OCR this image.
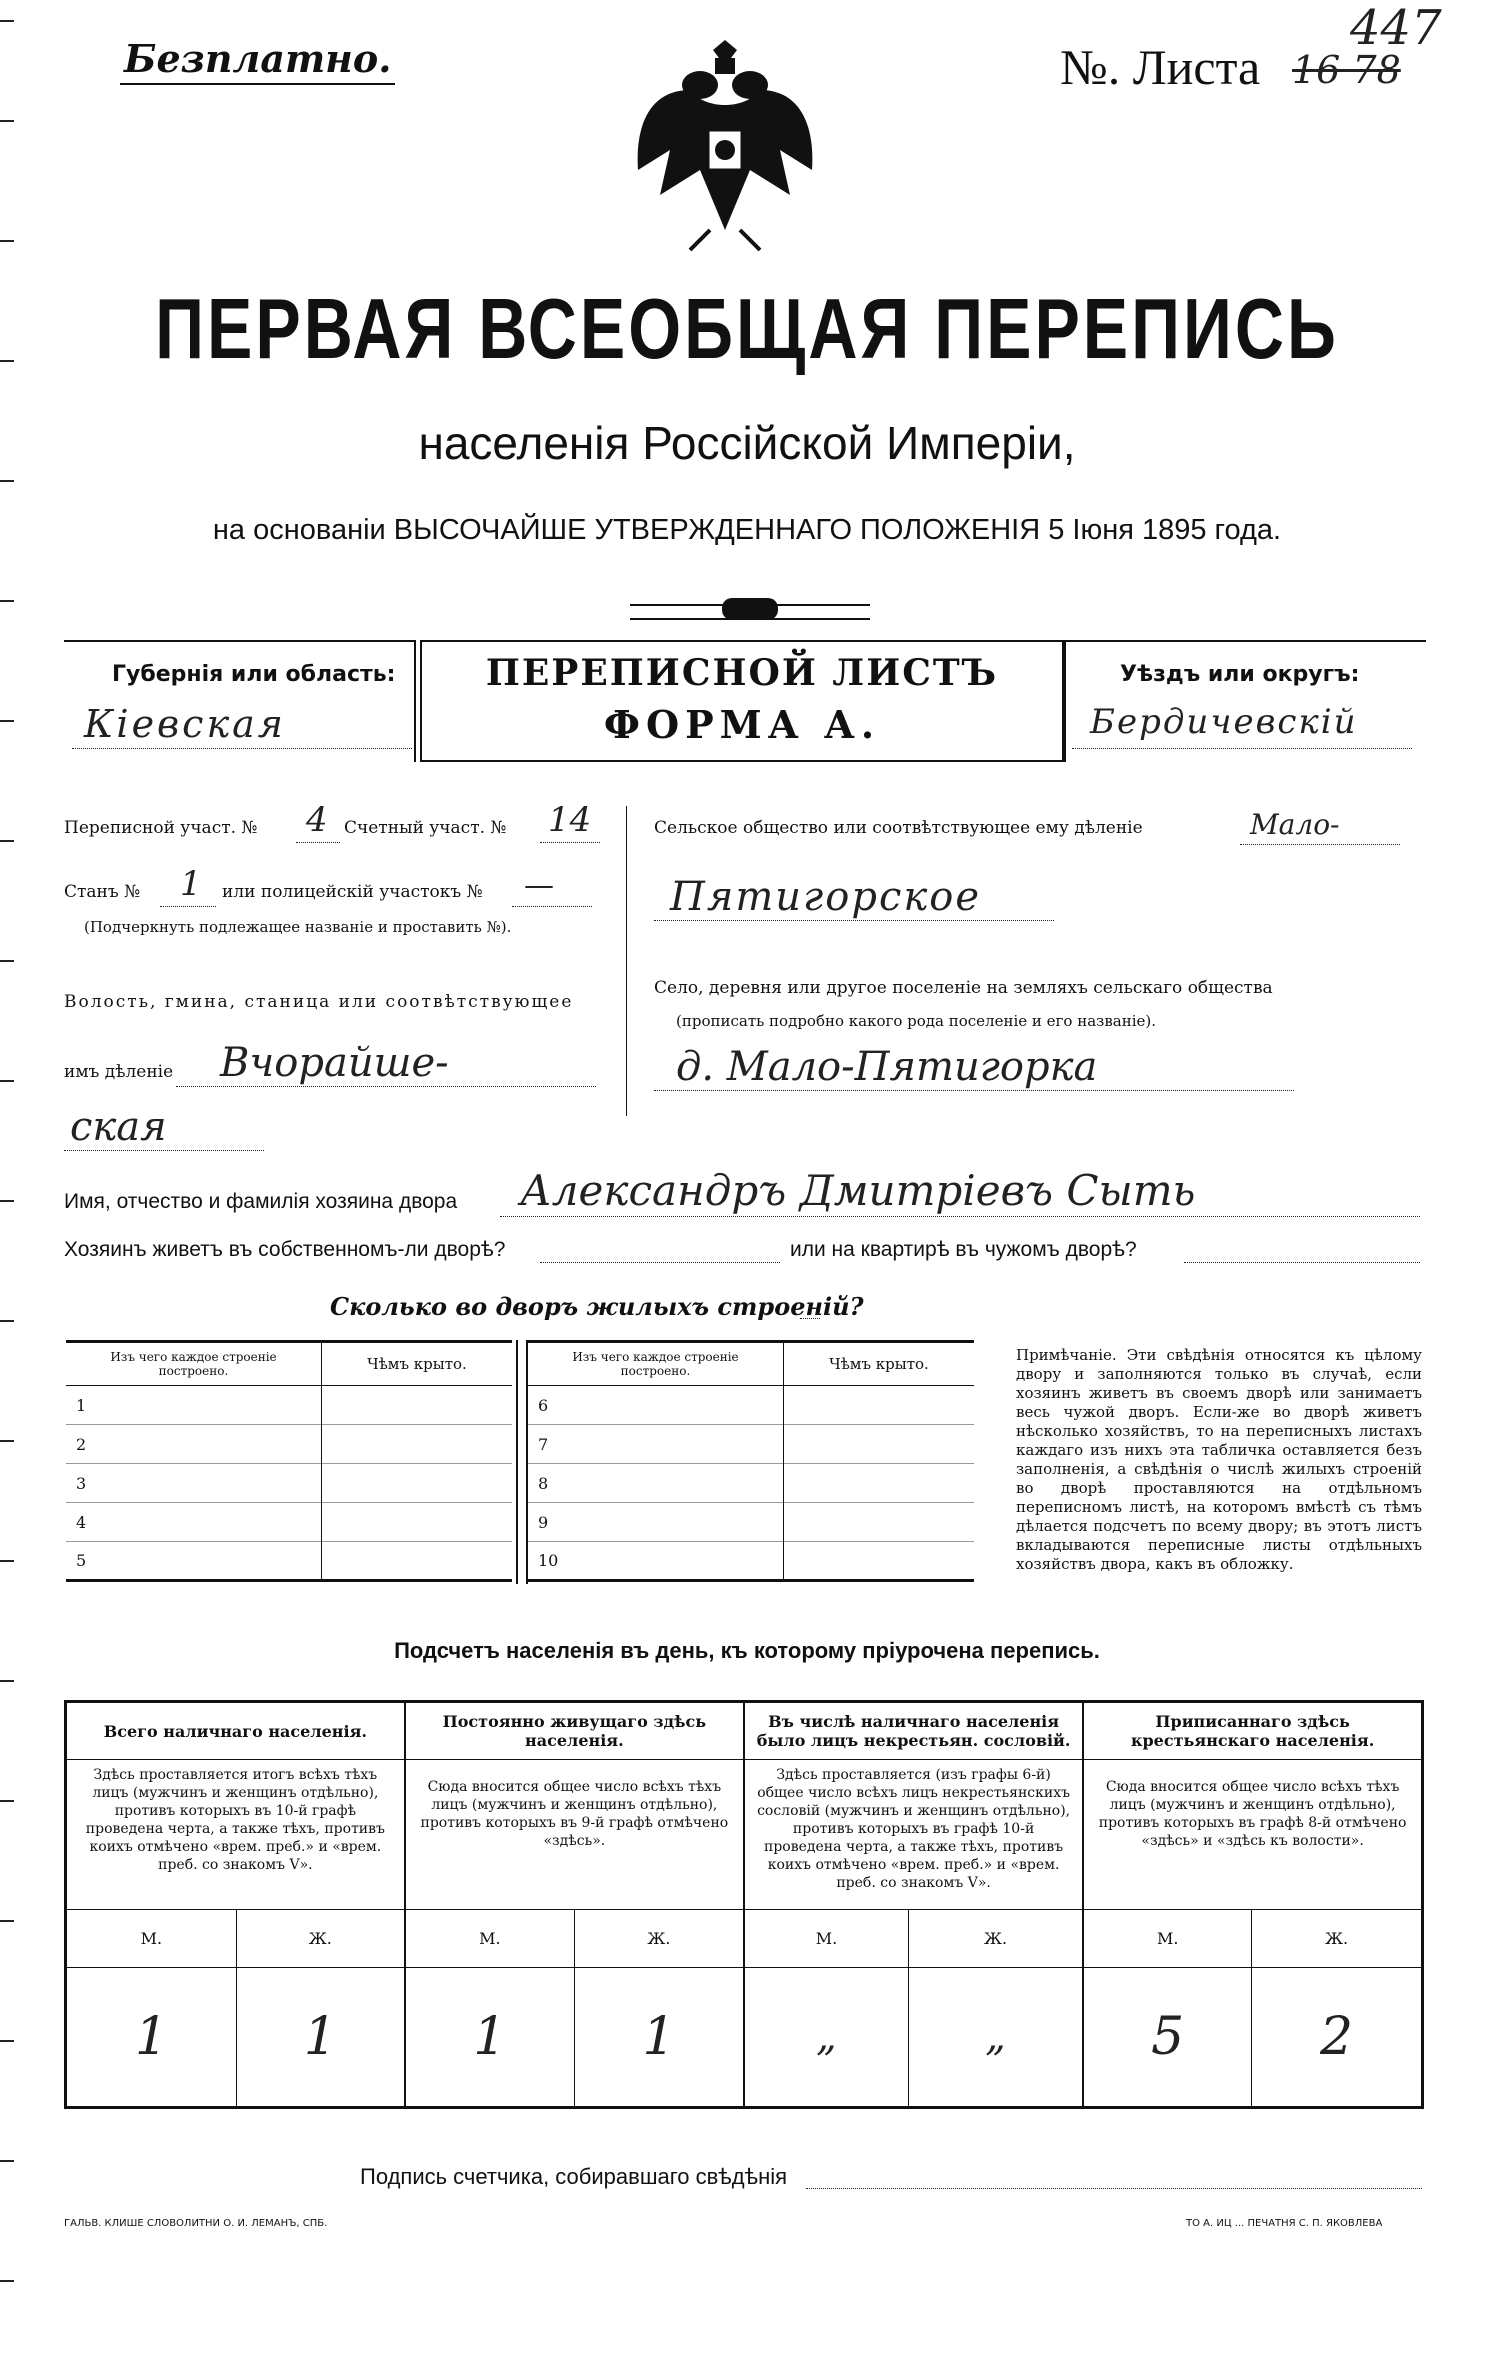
Безплатно.	№. Листа 16 78
447
ПЕРВАЯ ВСЕОБЩАЯ ПЕРЕПИСЬ
населенія Россійской Имперіи,
на основаніи ВЫСОЧАЙШЕ УТВЕРЖДЕННАГО ПОЛОЖЕНІЯ 5 Іюня 1895 года.
Губернія или область:
Кіевская
ПЕРЕПИСНОЙ ЛИСТЪ
ФОРМА А.
Уѣздъ или округъ:
Бердичевскій
Переписной участ. № 4 Счетный участ. № 14
Станъ № 1 или полицейскій участокъ № —
(Подчеркнуть подлежащее названіе и проставить №).
Волость, гмина, станица или соотвѣтствующее
имъ дѣленіе Вчорайше-
ская
Сельское общество или соотвѣтствующее ему дѣленіе	Мало-
Пятигорское
Село, деревня или другое поселеніе на земляхъ сельскаго общества
(прописать подробно какого рода поселеніе и его названіе).
д. Мало-Пятигорка
Имя, отчество и фамилія хозяина двора Александръ Дмитріевъ Сыть
Хозяинъ живетъ въ собственномъ-ли дворѣ?	или на квартирѣ въ чужомъ дворѣ?
Сколько во дворъ жилыхъ строеній?
Изъ чего каждое строеніе построено.	Чѣмъ крыто.
1	
2	
3	
4	
5	
Изъ чего каждое строеніе построено.	Чѣмъ крыто.
6	
7	
8	
9	
10	
Примѣчаніе. Эти свѣдѣнія относятся къ цѣлому двору и заполняются только въ случаѣ, если хозяинъ живетъ въ своемъ дворѣ или занимаетъ весь чужой дворъ. Если-же во дворѣ живетъ нѣсколько хозяйствъ, то на переписныхъ листахъ каждаго изъ нихъ эта табличка оставляется безъ заполненія, а свѣдѣнія о числѣ жилыхъ строеній во дворѣ проставляются на отдѣльномъ переписномъ листѣ, на которомъ вмѣстѣ съ тѣмъ дѣлается подсчетъ по всему двору; въ этотъ листъ вкладываются переписные листы отдѣльныхъ хозяйствъ двора, какъ въ обложку.
Подсчетъ населенія въ день, къ которому пріурочена перепись.
Всего наличнаго населенія.		Постоянно живущаго здѣсь населенія.		Въ числѣ наличнаго населенія было лицъ некрестьян. сословій.		Приписаннаго здѣсь крестьянскаго населенія.	
Здѣсь проставляется итогъ всѣхъ тѣхъ лицъ (мужчинъ и женщинъ отдѣльно), противъ которыхъ въ 10-й графѣ проведена черта, а также тѣхъ, противъ коихъ отмѣчено «врем. преб.» и «врем. преб. со знакомъ V».		Сюда вносится общее число всѣхъ тѣхъ лицъ (мужчинъ и женщинъ отдѣльно), противъ которыхъ въ 9-й графѣ отмѣчено «здѣсь».		Здѣсь проставляется (изъ графы 6-й) общее число всѣхъ лицъ некрестьянскихъ сословій (мужчинъ и женщинъ отдѣльно), противъ которыхъ въ графѣ 10-й проведена черта, а также тѣхъ, противъ коихъ отмѣчено «врем. преб.» и «врем. преб. со знакомъ V».		Сюда вносится общее число всѣхъ тѣхъ лицъ (мужчинъ и женщинъ отдѣльно), противъ которыхъ въ графѣ 8-й отмѣчено «здѣсь» и «здѣсь къ волости».	
М.	Ж.	М.	Ж.	М.	Ж.	М.	Ж.
1	1	1	1	„	„	5	2
Подпись счетчика, собиравшаго свѣдѣнія
ГАЛЬВ. КЛИШЕ СЛОВОЛИТНИ О. И. ЛЕМАНЪ, СПБ.	ТО А. ИЦ ... ПЕЧАТНЯ С. П. ЯКОВЛЕВА
